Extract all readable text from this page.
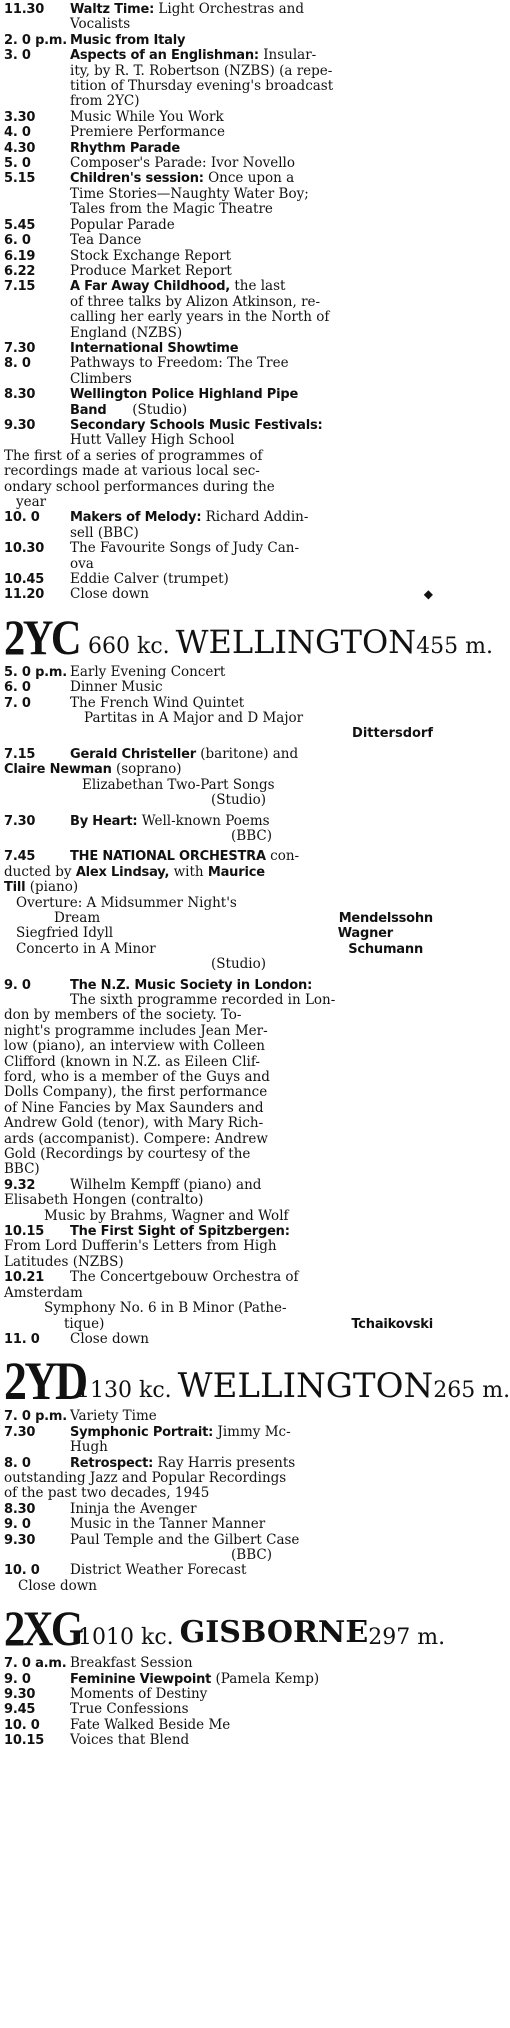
11.30	Waltz Time: Light Orchestras and
Vocalists
2. 0 p.m. Music from Italy
3. 0	Aspects of an Englishman: Insular-
ity, by R. T. Robertson (NZBS) (a repe-
tition of Thursday evening's broadcast
from 2YC)
3.30	Music While You Work
4. 0	Premiere Performance
4.30	Rhythm Parade
5. 0	Composer's Parade: Ivor Novello
5.15	Children's session: Once upon a
Time Stories—Naughty Water Boy;
Tales from the Magic Theatre
5.45	Popular Parade
6. 0	Tea Dance
6.19	Stock Exchange Report
6.22	Produce Market Report
7.15	A Far Away Childhood, the last
of three talks by Alizon Atkinson, re-
calling her early years in the North of
England (NZBS)
7.30	International Showtime
8. 0	Pathways to Freedom: The Tree
Climbers
8.30	Wellington Police Highland Pipe
Band (Studio)
9.30	Secondary Schools Music Festivals:
Hutt Valley High School
The first of a series of programmes of
recordings made at various local sec-
ondary school performances during the
year
10. 0	Makers of Melody: Richard Addin-
sell (BBC)
10.30	The Favourite Songs of Judy Can-
ova
10.45	Eddie Calver (trumpet)
11.20	Close down	◆
2YC 660 kc. WELLINGTON 455 m.
5. 0 p.m. Early Evening Concert
6. 0	Dinner Music
7. 0	The French Wind Quintet
Partitas in A Major and D Major
Dittersdorf
7.15	Gerald Christeller (baritone) and
Claire Newman (soprano)
Elizabethan Two-Part Songs
(Studio)
7.30	By Heart: Well-known Poems
(BBC)
7.45	THE NATIONAL ORCHESTRA con-
ducted by Alex Lindsay, with Maurice
Till (piano)
Overture: A Midsummer Night's
Dream	Mendelssohn
Siegfried Idyll	Wagner
Concerto in A Minor	Schumann
(Studio)
9. 0	The N.Z. Music Society in London:
The sixth programme recorded in Lon-
don by members of the society. To-
night's programme includes Jean Mer-
low (piano), an interview with Colleen
Clifford (known in N.Z. as Eileen Clif-
ford, who is a member of the Guys and
Dolls Company), the first performance
of Nine Fancies by Max Saunders and
Andrew Gold (tenor), with Mary Rich-
ards (accompanist). Compere: Andrew
Gold (Recordings by courtesy of the
BBC)
9.32	Wilhelm Kempff (piano) and
Elisabeth Hongen (contralto)
Music by Brahms, Wagner and Wolf
10.15	The First Sight of Spitzbergen:
From Lord Dufferin's Letters from High
Latitudes (NZBS)
10.21	The Concertgebouw Orchestra of
Amsterdam
Symphony No. 6 in B Minor (Pathe-
tique)	Tchaikovski
11. 0	Close down
2YD
1130 kc. WELLINGTON 265 m.
7. 0 p.m. Variety Time
7.30	Symphonic Portrait: Jimmy Mc-
Hugh
8. 0	Retrospect: Ray Harris presents
outstanding Jazz and Popular Recordings
of the past two decades, 1945
8.30	Ininja the Avenger
9. 0	Music in the Tanner Manner
9.30	Paul Temple and the Gilbert Case
(BBC)
10. 0	District Weather Forecast
Close down
2XG
1010 kc. GISBORNE 297 m.
7. 0 a.m. Breakfast Session
9. 0	Feminine Viewpoint (Pamela Kemp)
9.30	Moments of Destiny
9.45	True Confessions
10. 0	Fate Walked Beside Me
10.15	Voices that Blend
